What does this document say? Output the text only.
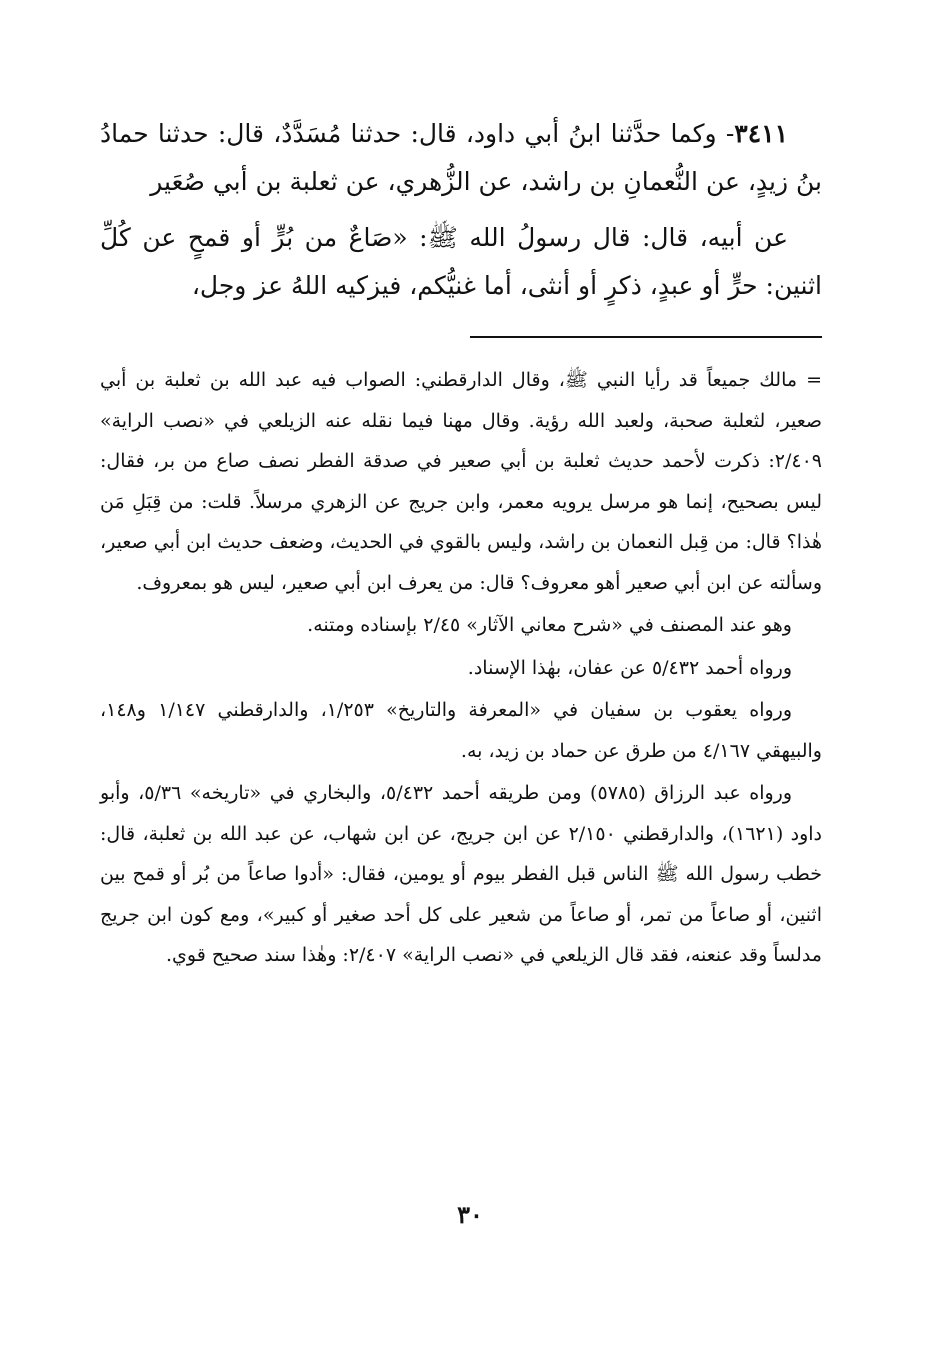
٣٤١١- وكما حدَّثنا ابنُ أبي داود، قال: حدثنا مُسَدَّدٌ، قال: حدثنا حمادُ بنُ زيدٍ، عن النُّعمانِ بن راشد، عن الزُّهري، عن ثعلبة بن أبي صُعَير

عن أبيه، قال: قال رسولُ الله ﷺ: «صَاعٌ من بُرٍّ أو قمحٍ عن كُلِّ اثنين: حرٍّ أو عبدٍ، ذكرٍ أو أنثى، أما غنيُّكم، فيزكيه اللهُ عز وجل،

= مالك جميعاً قد رأيا النبي ﷺ، وقال الدارقطني: الصواب فيه عبد الله بن ثعلبة بن أبي صعير، لثعلبة صحبة، ولعبد الله رؤية. وقال مهنا فيما نقله عنه الزيلعي في «نصب الراية» ٢/٤٠٩: ذكرت لأحمد حديث ثعلبة بن أبي صعير في صدقة الفطر نصف صاع من بر، فقال: ليس بصحيح، إنما هو مرسل يرويه معمر، وابن جريج عن الزهري مرسلاً. قلت: من قِبَلِ مَن هٰذا؟ قال: من قِبل النعمان بن راشد، وليس بالقوي في الحديث، وضعف حديث ابن أبي صعير، وسألته عن ابن أبي صعير أهو معروف؟ قال: من يعرف ابن أبي صعير، ليس هو بمعروف.

وهو عند المصنف في «شرح معاني الآثار» ٢/٤٥ بإسناده ومتنه.

ورواه أحمد ٥/٤٣٢ عن عفان، بهٰذا الإسناد.

ورواه يعقوب بن سفيان في «المعرفة والتاريخ» ١/٢٥٣، والدارقطني ١/١٤٧ و١٤٨، والبيهقي ٤/١٦٧ من طرق عن حماد بن زيد، به.

ورواه عبد الرزاق (٥٧٨٥) ومن طريقه أحمد ٥/٤٣٢، والبخاري في «تاريخه» ٥/٣٦، وأبو داود (١٦٢١)، والدارقطني ٢/١٥٠ عن ابن جريج، عن ابن شهاب، عن عبد الله بن ثعلبة، قال: خطب رسول الله ﷺ الناس قبل الفطر بيوم أو يومين، فقال: «أدوا صاعاً من بُر أو قمح بين اثنين، أو صاعاً من تمر، أو صاعاً من شعير على كل أحد صغير أو كبير»، ومع كون ابن جريج مدلساً وقد عنعنه، فقد قال الزيلعي في «نصب الراية» ٢/٤٠٧: وهٰذا سند صحيح قوي.

٣٠
